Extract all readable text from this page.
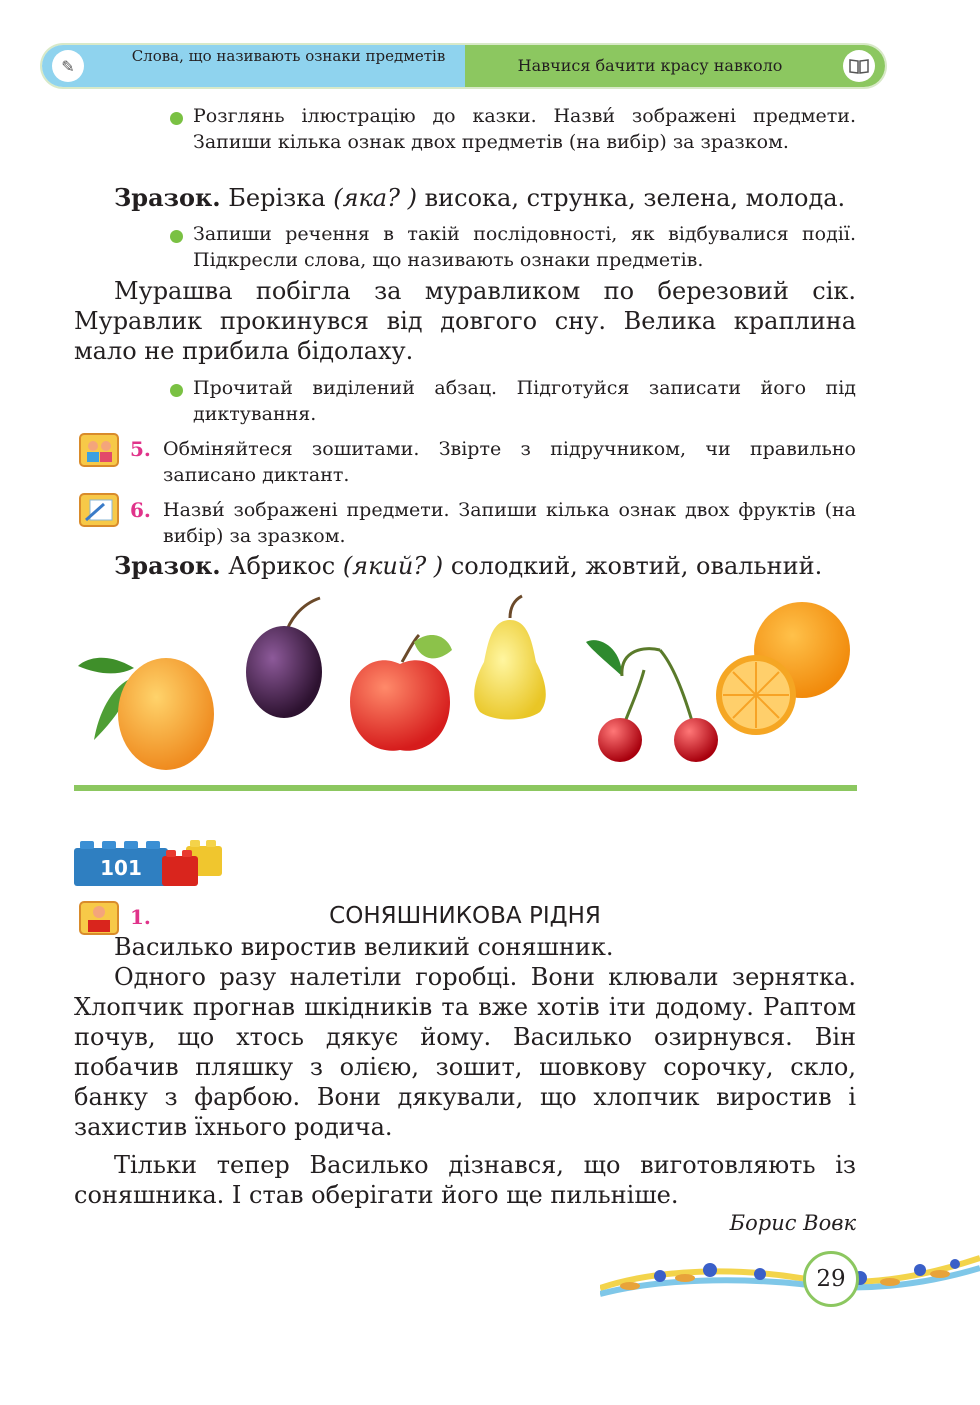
✎
Слова, що називають ознаки предметів	Навчися бачити красу навколо
Розглянь ілюстрацію до казки. Назви́ зображені предмети. Запиши кілька ознак двох предметів (на вибір) за зразком.
Зразок. Берізка (яка? ) висока, струнка, зелена, молода.
Запиши речення в такій послідовності, як відбувалися події. Підкресли слова, що називають ознаки предметів.
Мурашва побігла за муравликом по березовий сік. Муравлик прокинувся від довгого сну. Велика краплина мало не прибила бідолаху.
Прочитай виділений абзац. Підготуйся записати його під диктування.
5. Обміняйтеся зошитами. Звірте з підручником, чи правильно записано диктант.
6. Назви́ зображені предмети. Запиши кілька ознак двох фруктів (на вибір) за зразком.
Зразок. Абрикос (який? ) солодкий, жовтий, овальний.
101
1.	СОНЯШНИКОВА РІДНЯ
Василько виростив великий соняшник.
Одного разу налетіли горобці. Вони клювали зернятка. Хлопчик прогнав шкідників та вже хотів іти додому. Раптом почув, що хтось дякує йому. Василько озирнувся. Він побачив пляшку з олією, зошит, шовкову сорочку, скло, банку з фарбою. Вони дякували, що хлопчик виростив і захистив їхнього родича.
Тільки тепер Василько дізнався, що виготовляють із соняшника. І став оберігати його ще пильніше.
Борис Вовк
29
